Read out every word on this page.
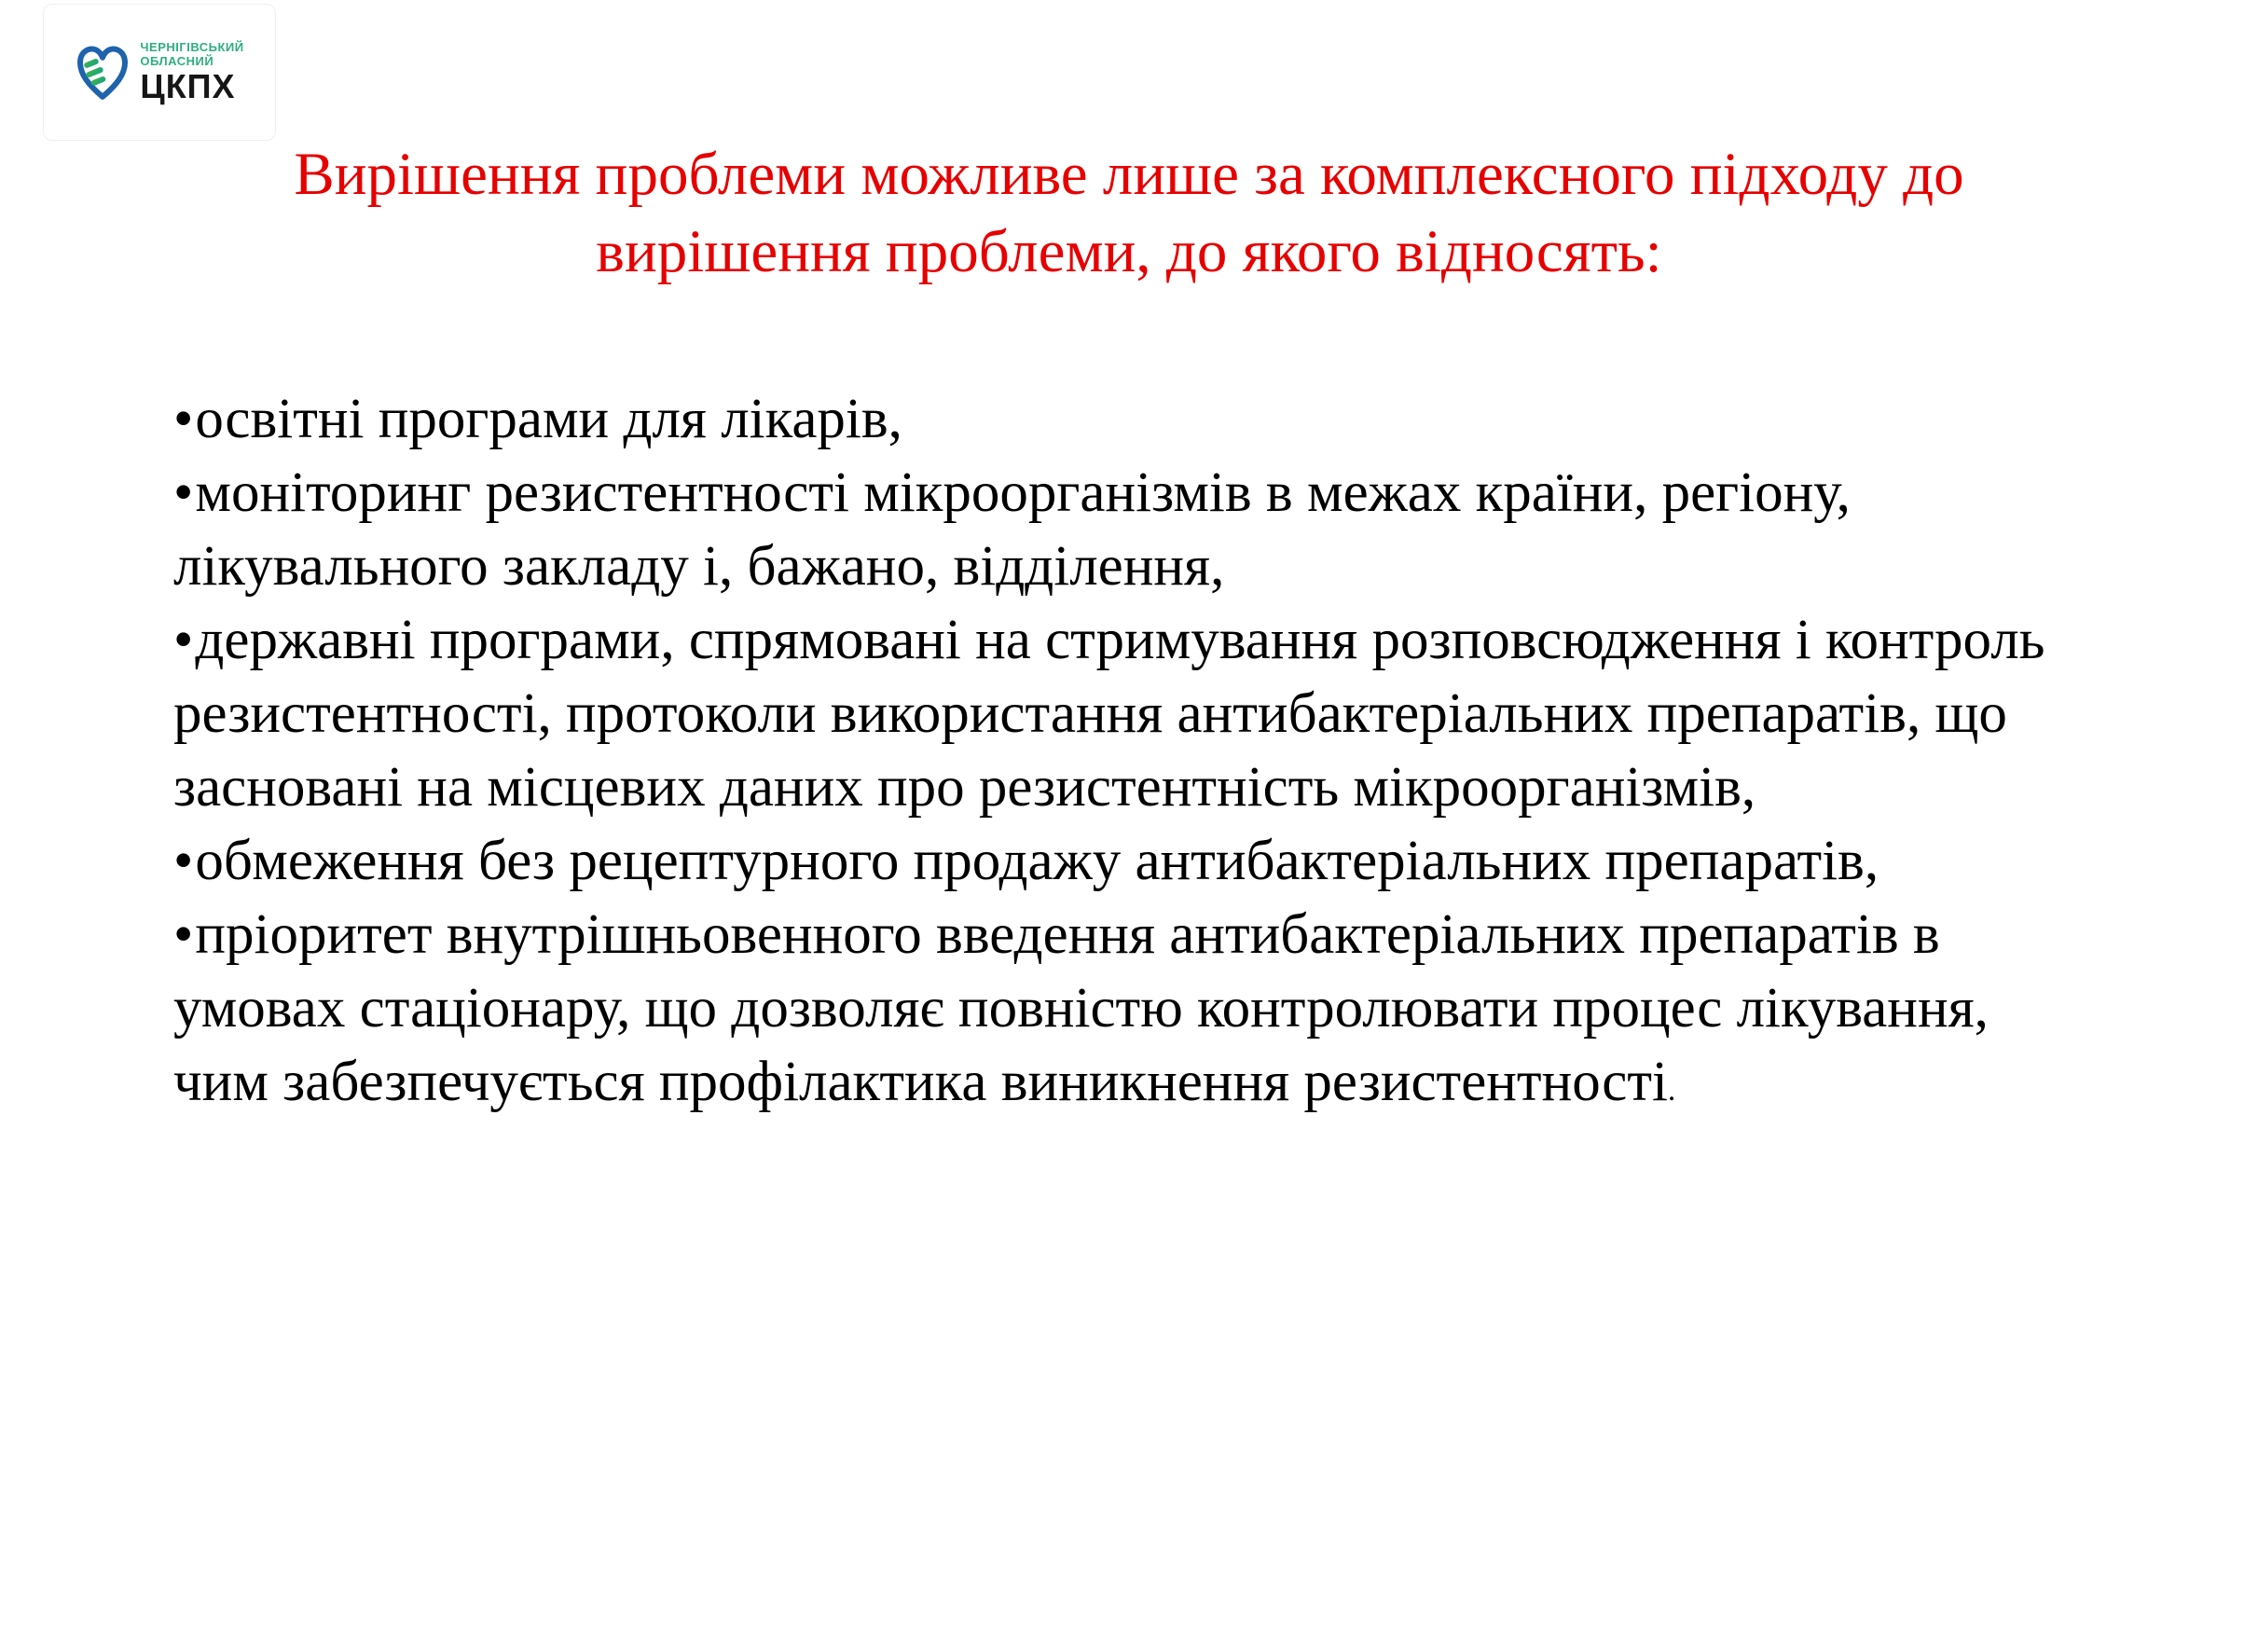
ЧЕРНІГІВСЬКИЙ
ОБЛАСНИЙ
ЦКПХ
Вирішення проблеми можливе лише за комплексного підходу до вирішення проблеми, до якого відносять:

•освітні програми для лікарів,

•моніторинг резистентності мікроорганізмів в межах країни, регіону, лікувального закладу і, бажано, відділення,

•державні програми, спрямовані на стримування розповсюдження і контроль резистентності, протоколи використання антибактеріальних препаратів, що засновані на місцевих даних про резистентність мікроорганізмів,

•обмеження без рецептурного продажу антибактеріальних препаратів,

•пріоритет внутрішньовенного введення антибактеріальних препаратів в умовах стаціонару, що дозволяє повністю контролювати процес лікування, чим забезпечується профілактика виникнення резистентності.
